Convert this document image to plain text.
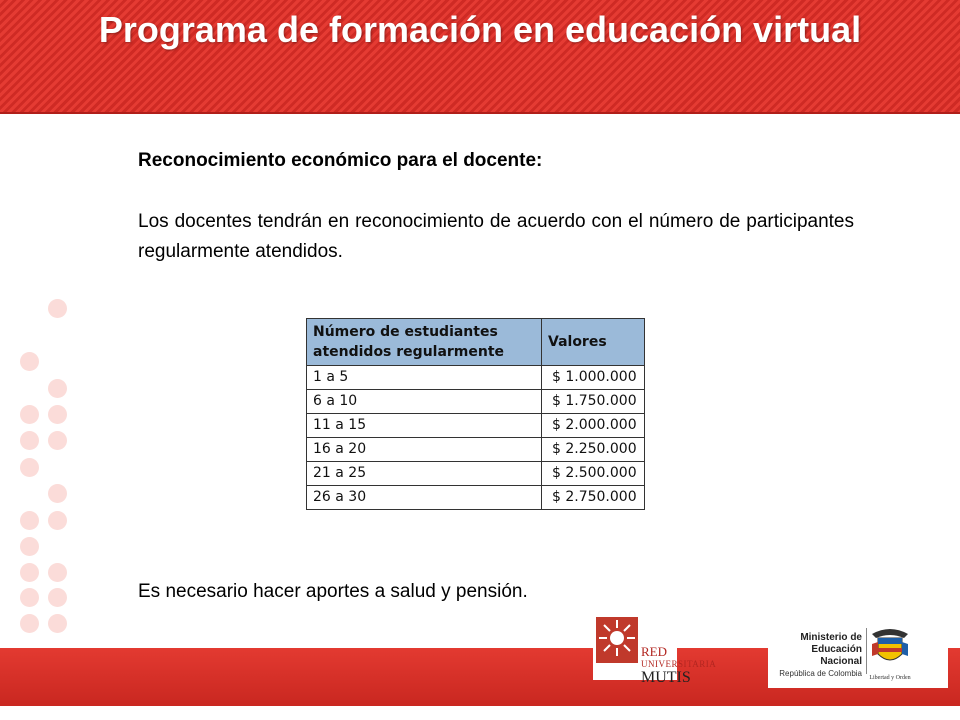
Programa de formación en educación virtual

Reconocimiento económico para el docente:

Los docentes tendrán en reconocimiento de acuerdo con el número de participantes regularmente atendidos.

Número de estudiantes atendidos regularmente	Valores
1 a 5	$ 1.000.000
6 a 10	$ 1.750.000
11 a 15	$ 2.000.000
16 a 20	$ 2.250.000
21 a 25	$ 2.500.000
26 a 30	$ 2.750.000

Es necesario hacer aportes a salud y pensión.

RED
UNIVERSITARIA
MUTIS
Ministerio de
Educación Nacional
República de Colombia Libertad y Orden
